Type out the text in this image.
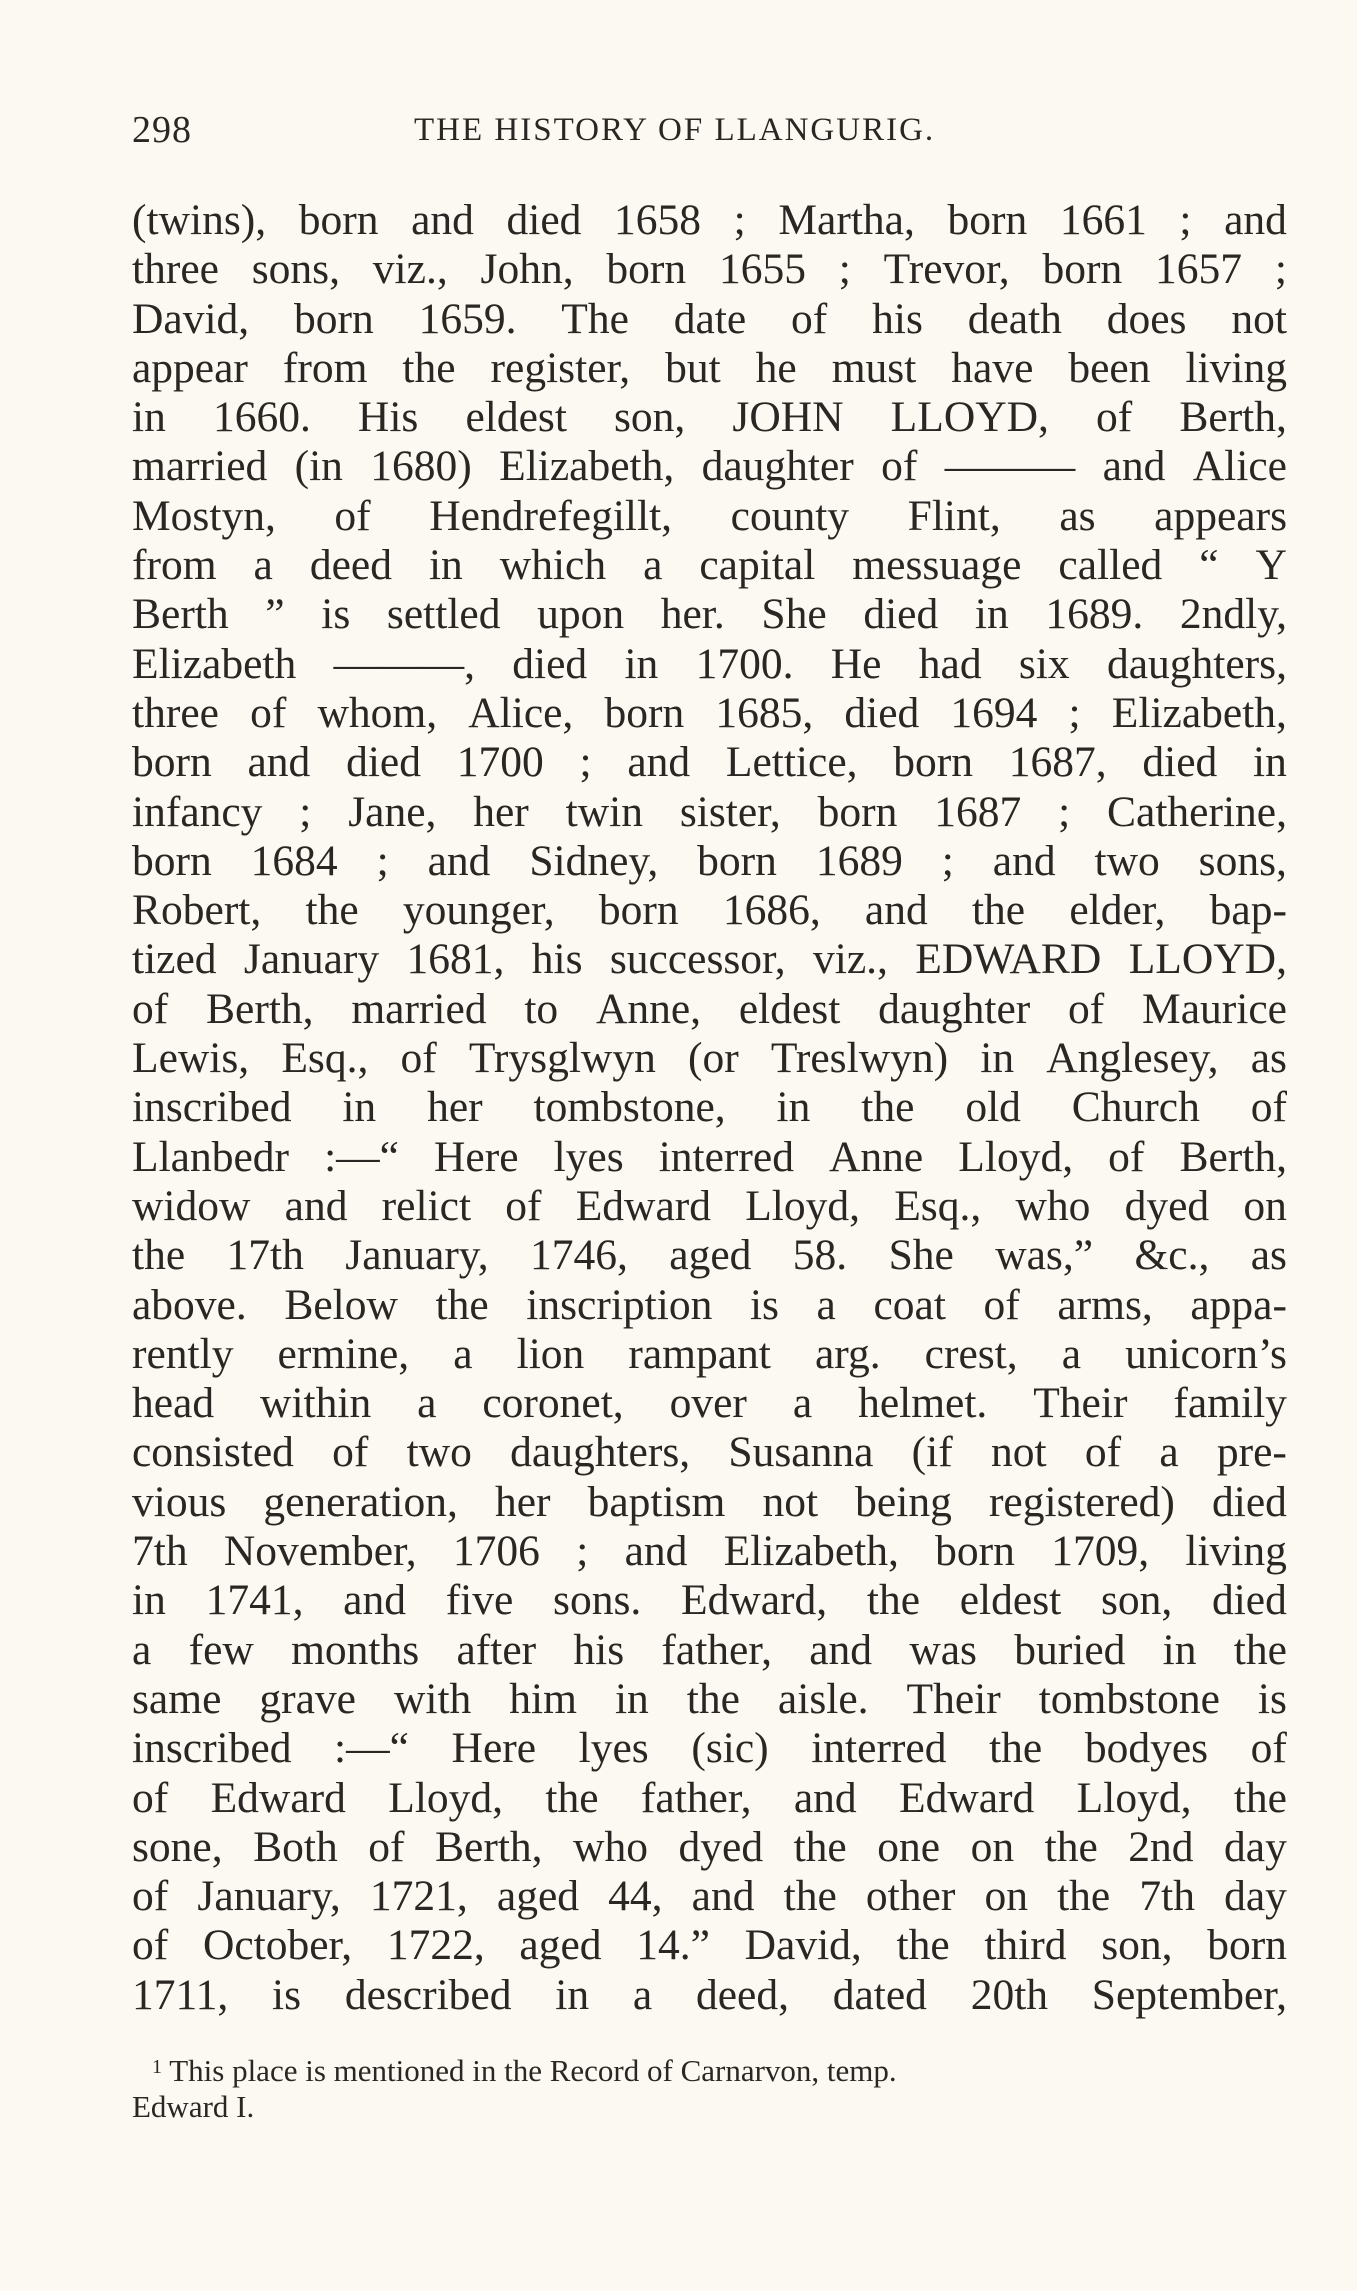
298	THE HISTORY OF LLANGURIG.
(twins), born and died 1658 ; Martha, born 1661 ; and
three sons, viz., John, born 1655 ; Trevor, born 1657 ;
David, born 1659. The date of his death does not
appear from the register, but he must have been living
in 1660. His eldest son, JOHN LLOYD, of Berth,
married (in 1680) Elizabeth, daughter of ——— and Alice
Mostyn, of Hendrefegillt, county Flint, as appears
from a deed in which a capital messuage called “ Y
Berth ” is settled upon her. She died in 1689. 2ndly,
Elizabeth ———, died in 1700. He had six daughters,
three of whom, Alice, born 1685, died 1694 ; Elizabeth,
born and died 1700 ; and Lettice, born 1687, died in
infancy ; Jane, her twin sister, born 1687 ; Catherine,
born 1684 ; and Sidney, born 1689 ; and two sons,
Robert, the younger, born 1686, and the elder, bap-
tized January 1681, his successor, viz., EDWARD LLOYD,
of Berth, married to Anne, eldest daughter of Maurice
Lewis, Esq., of Trysglwyn (or Treslwyn) in Anglesey, as
inscribed in her tombstone, in the old Church of
Llanbedr :—“ Here lyes interred Anne Lloyd, of Berth,
widow and relict of Edward Lloyd, Esq., who dyed on
the 17th January, 1746, aged 58. She was,” &c., as
above. Below the inscription is a coat of arms, appa-
rently ermine, a lion rampant arg. crest, a unicorn’s
head within a coronet, over a helmet. Their family
consisted of two daughters, Susanna (if not of a pre-
vious generation, her baptism not being registered) died
7th November, 1706 ; and Elizabeth, born 1709, living
in 1741, and five sons. Edward, the eldest son, died
a few months after his father, and was buried in the
same grave with him in the aisle. Their tombstone is
inscribed :—“ Here lyes (sic) interred the bodyes of
of Edward Lloyd, the father, and Edward Lloyd, the
sone, Both of Berth, who dyed the one on the 2nd day
of January, 1721, aged 44, and the other on the 7th day
of October, 1722, aged 14.” David, the third son, born
1711, is described in a deed, dated 20th September,
$^1$ This place is mentioned in the Record of Carnarvon, temp.
Edward I.
